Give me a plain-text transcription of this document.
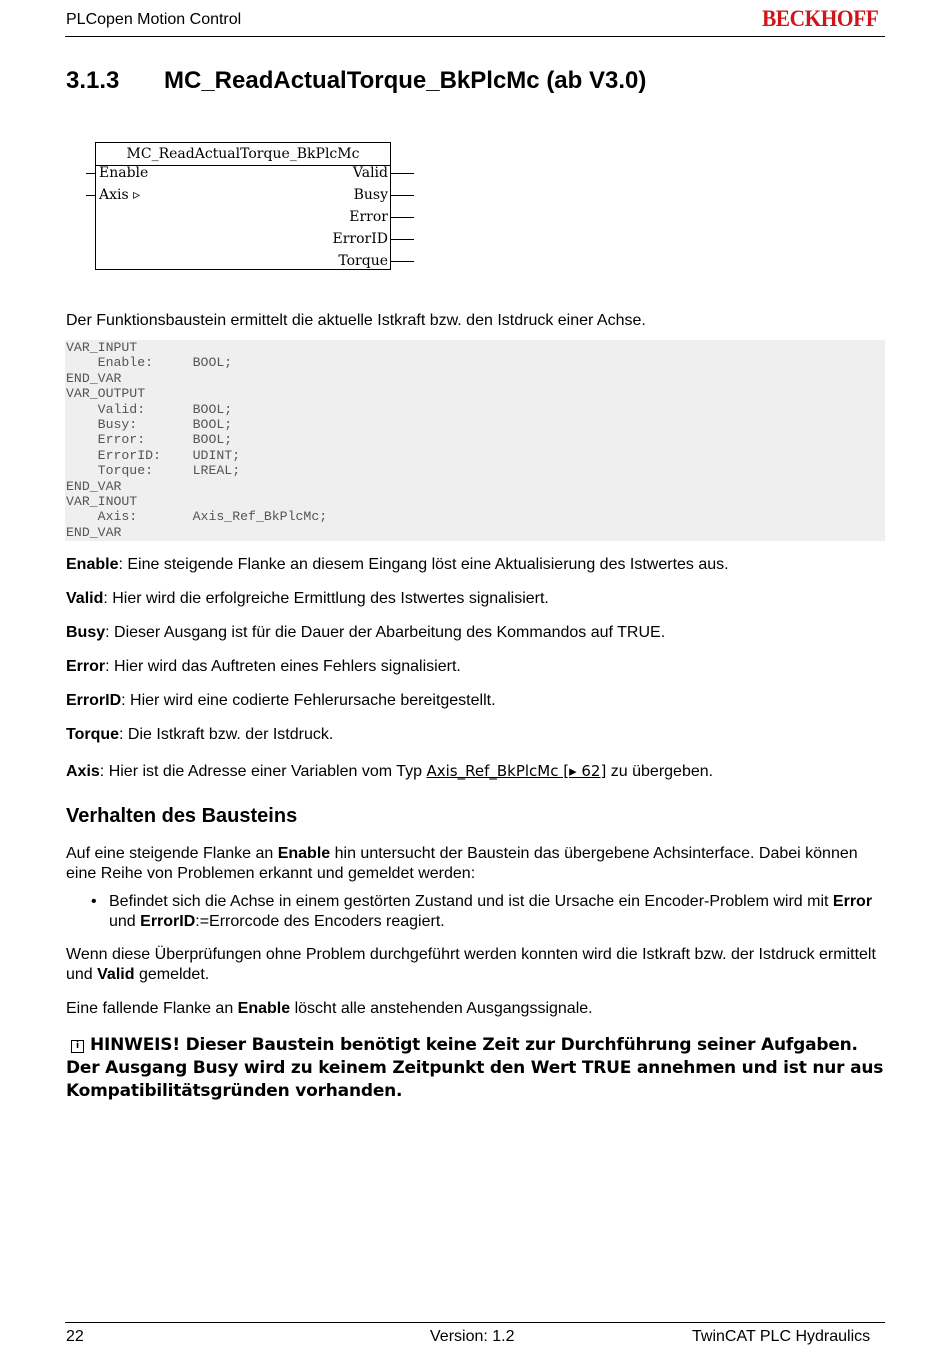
PLCopen Motion Control	BECKHOFF
3.1.3 MC_ReadActualTorque_BkPlcMc (ab V3.0)
MC_ReadActualTorque_BkPlcMc
Enable
Axis ▹
Valid
Busy
Error
ErrorID
Torque
Der Funktionsbaustein ermittelt die aktuelle Istkraft bzw. den Istdruck einer Achse.
VAR_INPUT
Enable:     BOOL;
END_VAR
VAR_OUTPUT
Valid:      BOOL;
Busy:       BOOL;
Error:      BOOL;
ErrorID:    UDINT;
Torque:     LREAL;
END_VAR
VAR_INOUT
Axis:       Axis_Ref_BkPlcMc;
END_VAR
Enable: Eine steigende Flanke an diesem Eingang löst eine Aktualisierung des Istwertes aus.
Valid: Hier wird die erfolgreiche Ermittlung des Istwertes signalisiert.
Busy: Dieser Ausgang ist für die Dauer der Abarbeitung des Kommandos auf TRUE.
Error: Hier wird das Auftreten eines Fehlers signalisiert.
ErrorID: Hier wird eine codierte Fehlerursache bereitgestellt.
Torque: Die Istkraft bzw. der Istdruck.
Axis: Hier ist die Adresse einer Variablen vom Typ Axis_Ref_BkPlcMc [▸ 62] zu übergeben.
Verhalten des Bausteins
Auf eine steigende Flanke an Enable hin untersucht der Baustein das übergebene Achsinterface. Dabei können eine Reihe von Problemen erkannt und gemeldet werden:
• Befindet sich die Achse in einem gestörten Zustand und ist die Ursache ein Encoder-Problem wird mit Error und ErrorID:=Errorcode des Encoders reagiert.
Wenn diese Überprüfungen ohne Problem durchgeführt werden konnten wird die Istkraft bzw. der Istdruck ermittelt und Valid gemeldet.
Eine fallende Flanke an Enable löscht alle anstehenden Ausgangssignale.
i HINWEIS! Dieser Baustein benötigt keine Zeit zur Durchführung seiner Aufgaben. Der Ausgang Busy wird zu keinem Zeitpunkt den Wert TRUE annehmen und ist nur aus Kompatibilitätsgründen vorhanden.
22	Version: 1.2	TwinCAT PLC Hydraulics
